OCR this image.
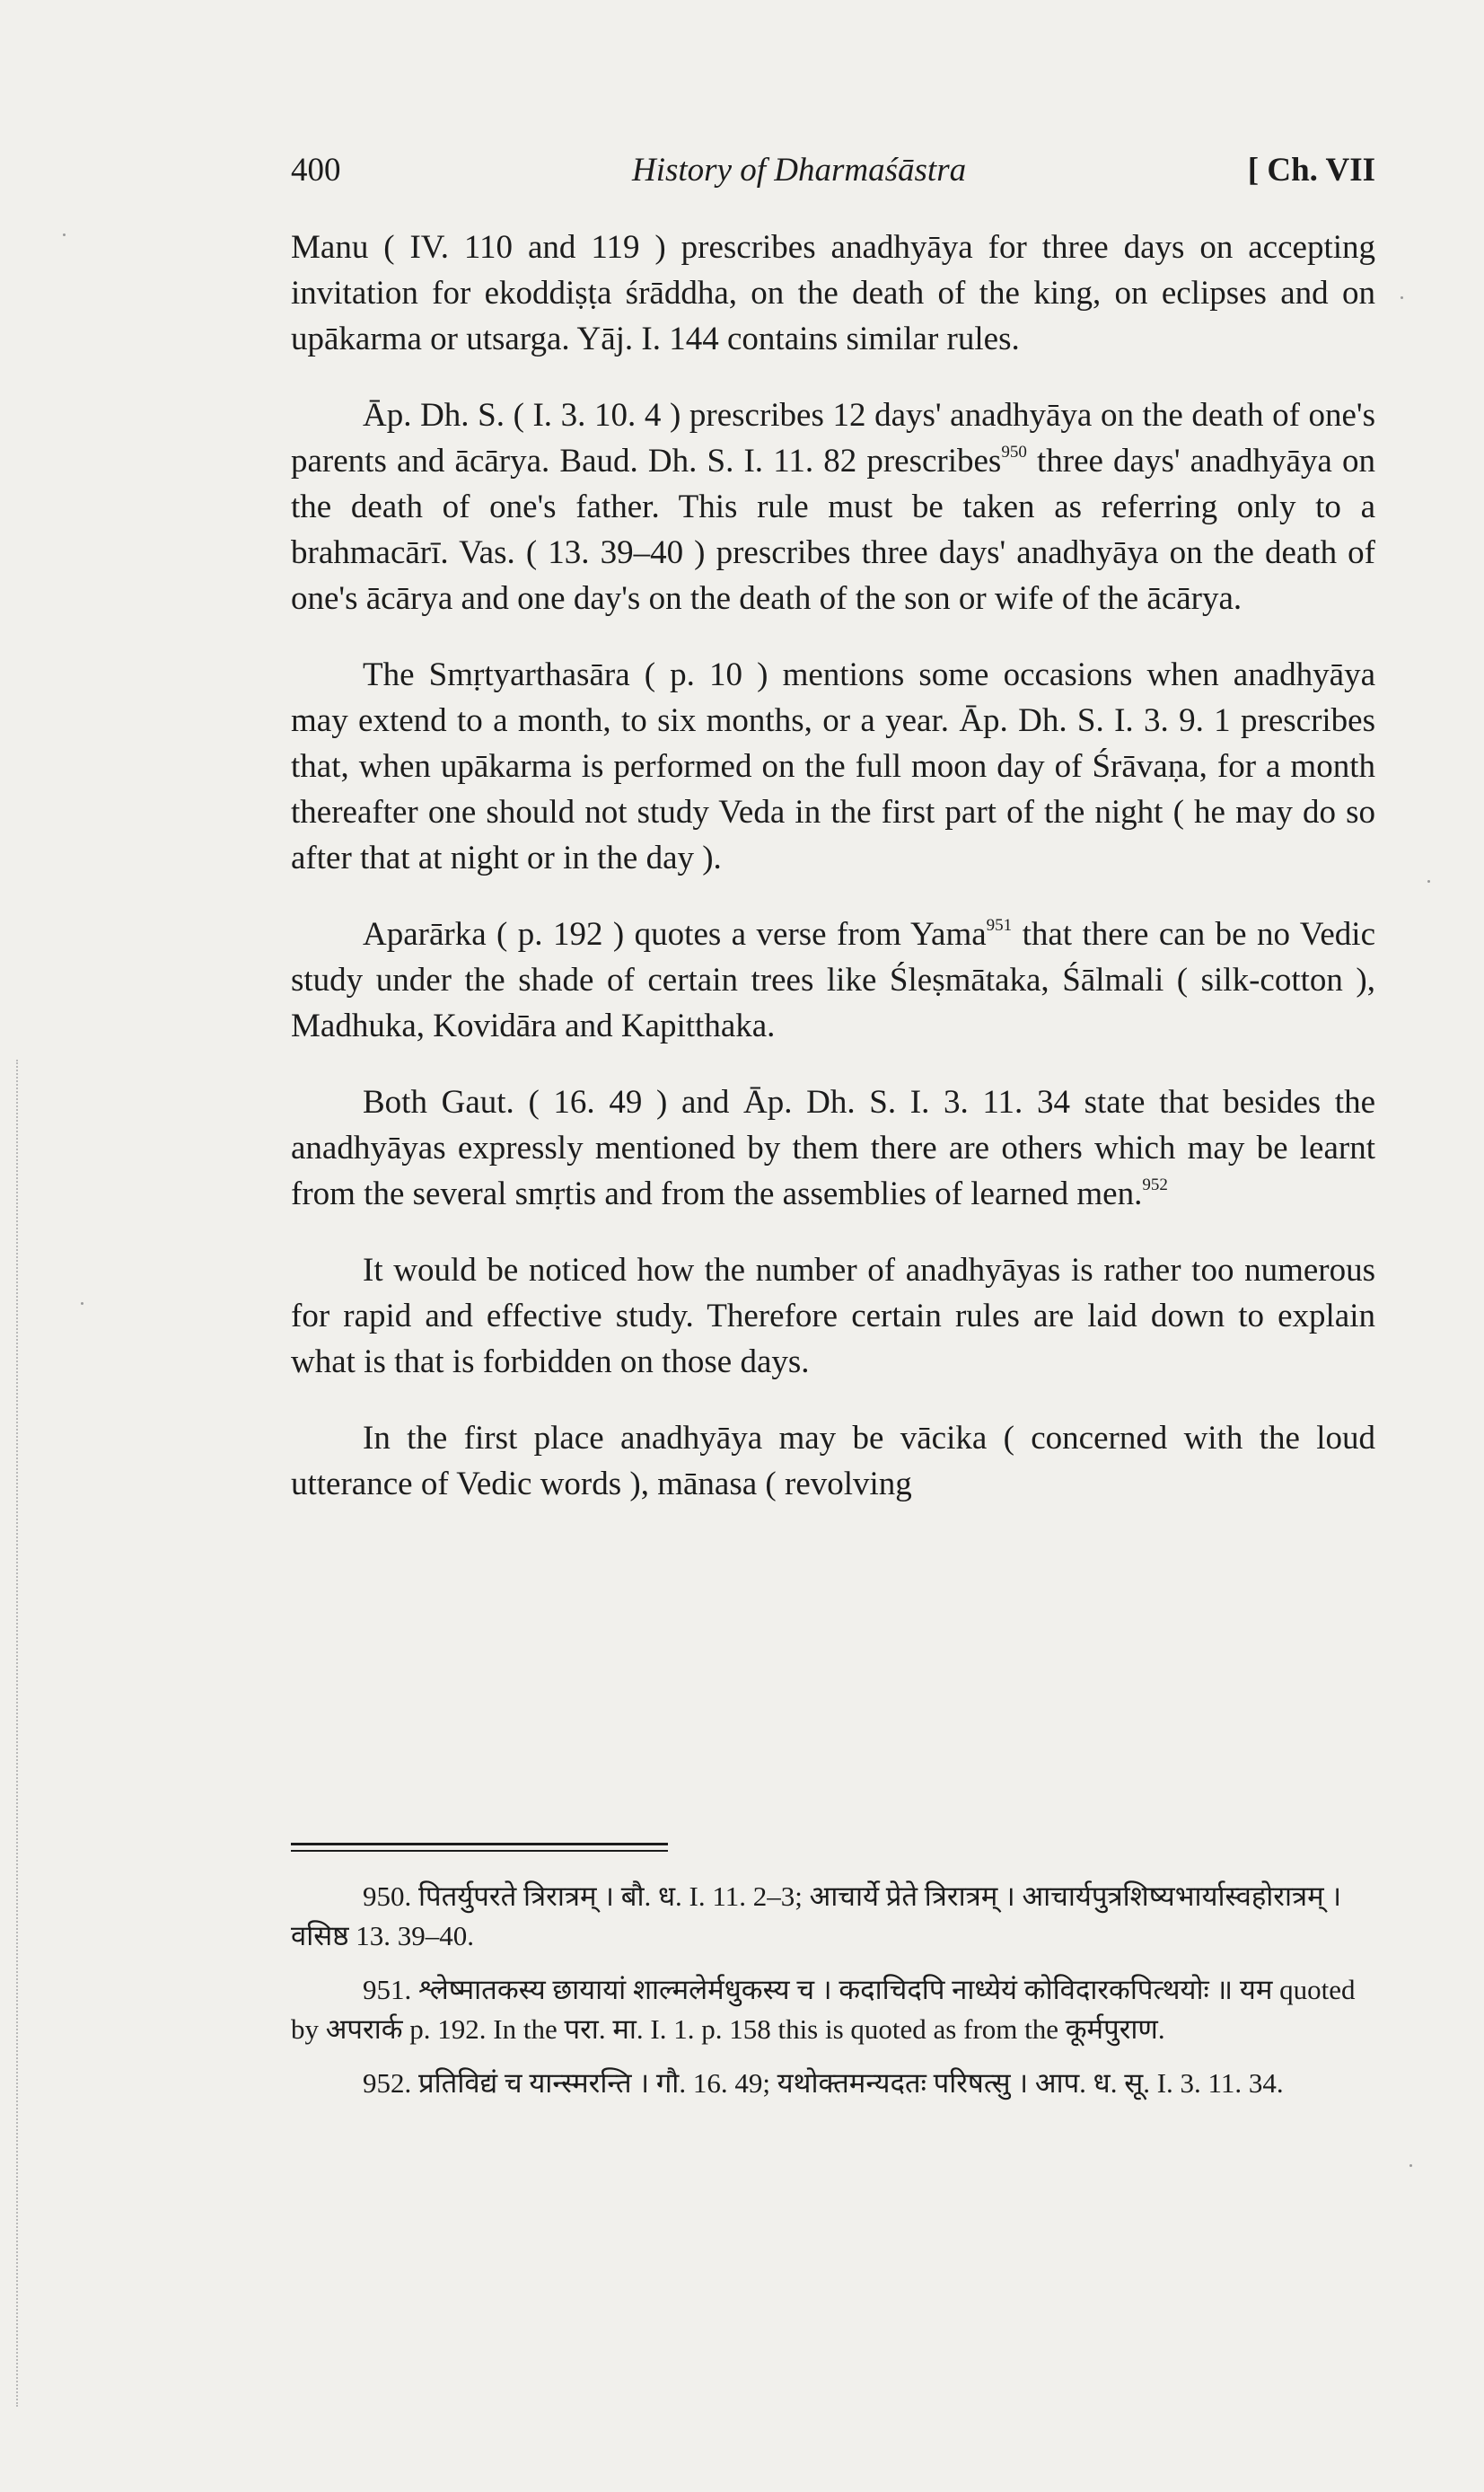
400	History of Dharmaśāstra	[ Ch. VII

Manu ( IV. 110 and 119 ) prescribes anadhyāya for three days on accepting invitation for ekoddiṣṭa śrāddha, on the death of the king, on eclipses and on upākarma or utsarga. Yāj. I. 144 contains similar rules.

Āp. Dh. S. ( I. 3. 10. 4 ) prescribes 12 days' anadhyāya on the death of one's parents and ācārya. Baud. Dh. S. I. 11. 82 prescribes$^{950}$ three days' anadhyāya on the death of one's father. This rule must be taken as referring only to a brahmacārī. Vas. ( 13. 39–40 ) prescribes three days' anadhyāya on the death of one's ācārya and one day's on the death of the son or wife of the ācārya.

The Smṛtyarthasāra ( p. 10 ) mentions some occasions when anadhyāya may extend to a month, to six months, or a year. Āp. Dh. S. I. 3. 9. 1 prescribes that, when upākarma is performed on the full moon day of Śrāvaṇa, for a month thereafter one should not study Veda in the first part of the night ( he may do so after that at night or in the day ).

Aparārka ( p. 192 ) quotes a verse from Yama$^{951}$ that there can be no Vedic study under the shade of certain trees like Śleṣmātaka, Śālmali ( silk-cotton ), Madhuka, Kovidāra and Kapitthaka.

Both Gaut. ( 16. 49 ) and Āp. Dh. S. I. 3. 11. 34 state that besides the anadhyāyas expressly mentioned by them there are others which may be learnt from the several smṛtis and from the assemblies of learned men.$^{952}$

It would be noticed how the number of anadhyāyas is rather too numerous for rapid and effective study. Therefore certain rules are laid down to explain what is that is forbidden on those days.

In the first place anadhyāya may be vācika ( concerned with the loud utterance of Vedic words ), mānasa ( revolving

950. पितर्युपरते त्रिरात्रम् । बौ. ध. I. 11. 2–3; आचार्ये प्रेते त्रिरात्रम् । आचार्यपुत्रशिष्यभार्यास्वहोरात्रम् । वसिष्ठ 13. 39–40.

951. श्लेष्मातकस्य छायायां शाल्मलेर्मधुकस्य च । कदाचिदपि नाध्येयं कोविदारकपित्थयोः ॥ यम quoted by अपरार्क p. 192. In the परा. मा. I. 1. p. 158 this is quoted as from the कूर्मपुराण.

952. प्रतिविद्यं च यान्स्मरन्ति । गौ. 16. 49; यथोक्तमन्यदतः परिषत्सु । आप. ध. सू. I. 3. 11. 34.
